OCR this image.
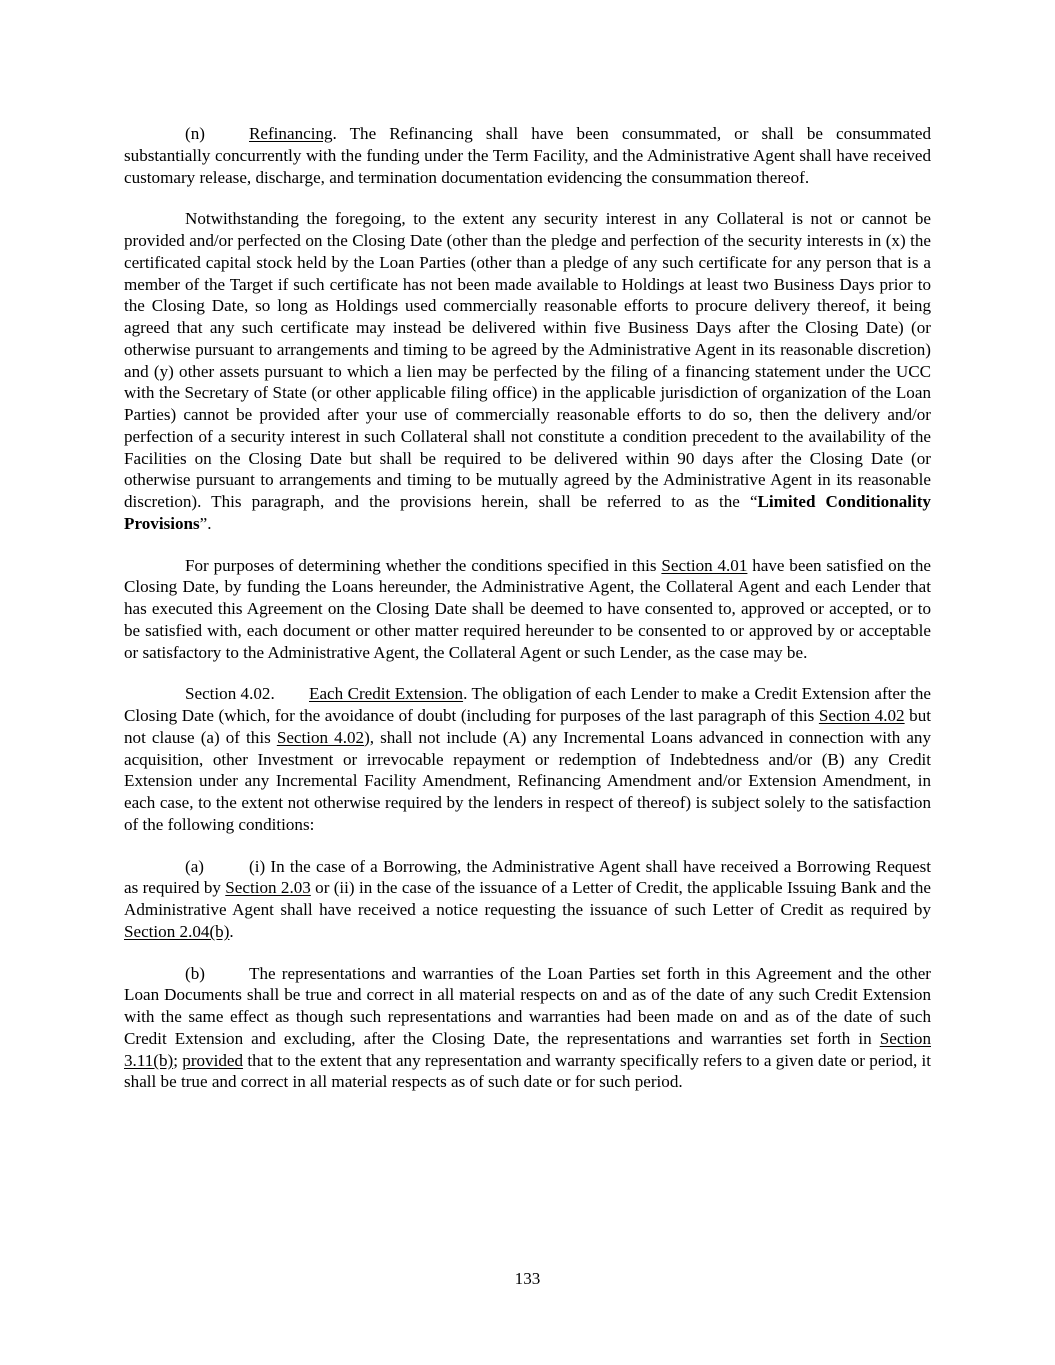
(n)	Refinancing. The Refinancing shall have been consummated, or shall be consummated substantially concurrently with the funding under the Term Facility, and the Administrative Agent shall have received customary release, discharge, and termination documentation evidencing the consummation thereof.

Notwithstanding the foregoing, to the extent any security interest in any Collateral is not or cannot be provided and/or perfected on the Closing Date (other than the pledge and perfection of the security interests in (x) the certificated capital stock held by the Loan Parties (other than a pledge of any such certificate for any person that is a member of the Target if such certificate has not been made available to Holdings at least two Business Days prior to the Closing Date, so long as Holdings used commercially reasonable efforts to procure delivery thereof, it being agreed that any such certificate may instead be delivered within five Business Days after the Closing Date) (or otherwise pursuant to arrangements and timing to be agreed by the Administrative Agent in its reasonable discretion) and (y) other assets pursuant to which a lien may be perfected by the filing of a financing statement under the UCC with the Secretary of State (or other applicable filing office) in the applicable jurisdiction of organization of the Loan Parties) cannot be provided after your use of commercially reasonable efforts to do so, then the delivery and/or perfection of a security interest in such Collateral shall not constitute a condition precedent to the availability of the Facilities on the Closing Date but shall be required to be delivered within 90 days after the Closing Date (or otherwise pursuant to arrangements and timing to be mutually agreed by the Administrative Agent in its reasonable discretion). This paragraph, and the provisions herein, shall be referred to as the “Limited Conditionality Provisions”.

For purposes of determining whether the conditions specified in this Section 4.01 have been satisfied on the Closing Date, by funding the Loans hereunder, the Administrative Agent, the Collateral Agent and each Lender that has executed this Agreement on the Closing Date shall be deemed to have consented to, approved or accepted, or to be satisfied with, each document or other matter required hereunder to be consented to or approved by or acceptable or satisfactory to the Administrative Agent, the Collateral Agent or such Lender, as the case may be.

Section 4.02. Each Credit Extension. The obligation of each Lender to make a Credit Extension after the Closing Date (which, for the avoidance of doubt (including for purposes of the last paragraph of this Section 4.02 but not clause (a) of this Section 4.02), shall not include (A) any Incremental Loans advanced in connection with any acquisition, other Investment or irrevocable repayment or redemption of Indebtedness and/or (B) any Credit Extension under any Incremental Facility Amendment, Refinancing Amendment and/or Extension Amendment, in each case, to the extent not otherwise required by the lenders in respect of thereof) is subject solely to the satisfaction of the following conditions:

(a)	(i) In the case of a Borrowing, the Administrative Agent shall have received a Borrowing Request as required by Section 2.03 or (ii) in the case of the issuance of a Letter of Credit, the applicable Issuing Bank and the Administrative Agent shall have received a notice requesting the issuance of such Letter of Credit as required by Section 2.04(b).

(b)	The representations and warranties of the Loan Parties set forth in this Agreement and the other Loan Documents shall be true and correct in all material respects on and as of the date of any such Credit Extension with the same effect as though such representations and warranties had been made on and as of the date of such Credit Extension and excluding, after the Closing Date, the representations and warranties set forth in Section 3.11(b); provided that to the extent that any representation and warranty specifically refers to a given date or period, it shall be true and correct in all material respects as of such date or for such period.

133
